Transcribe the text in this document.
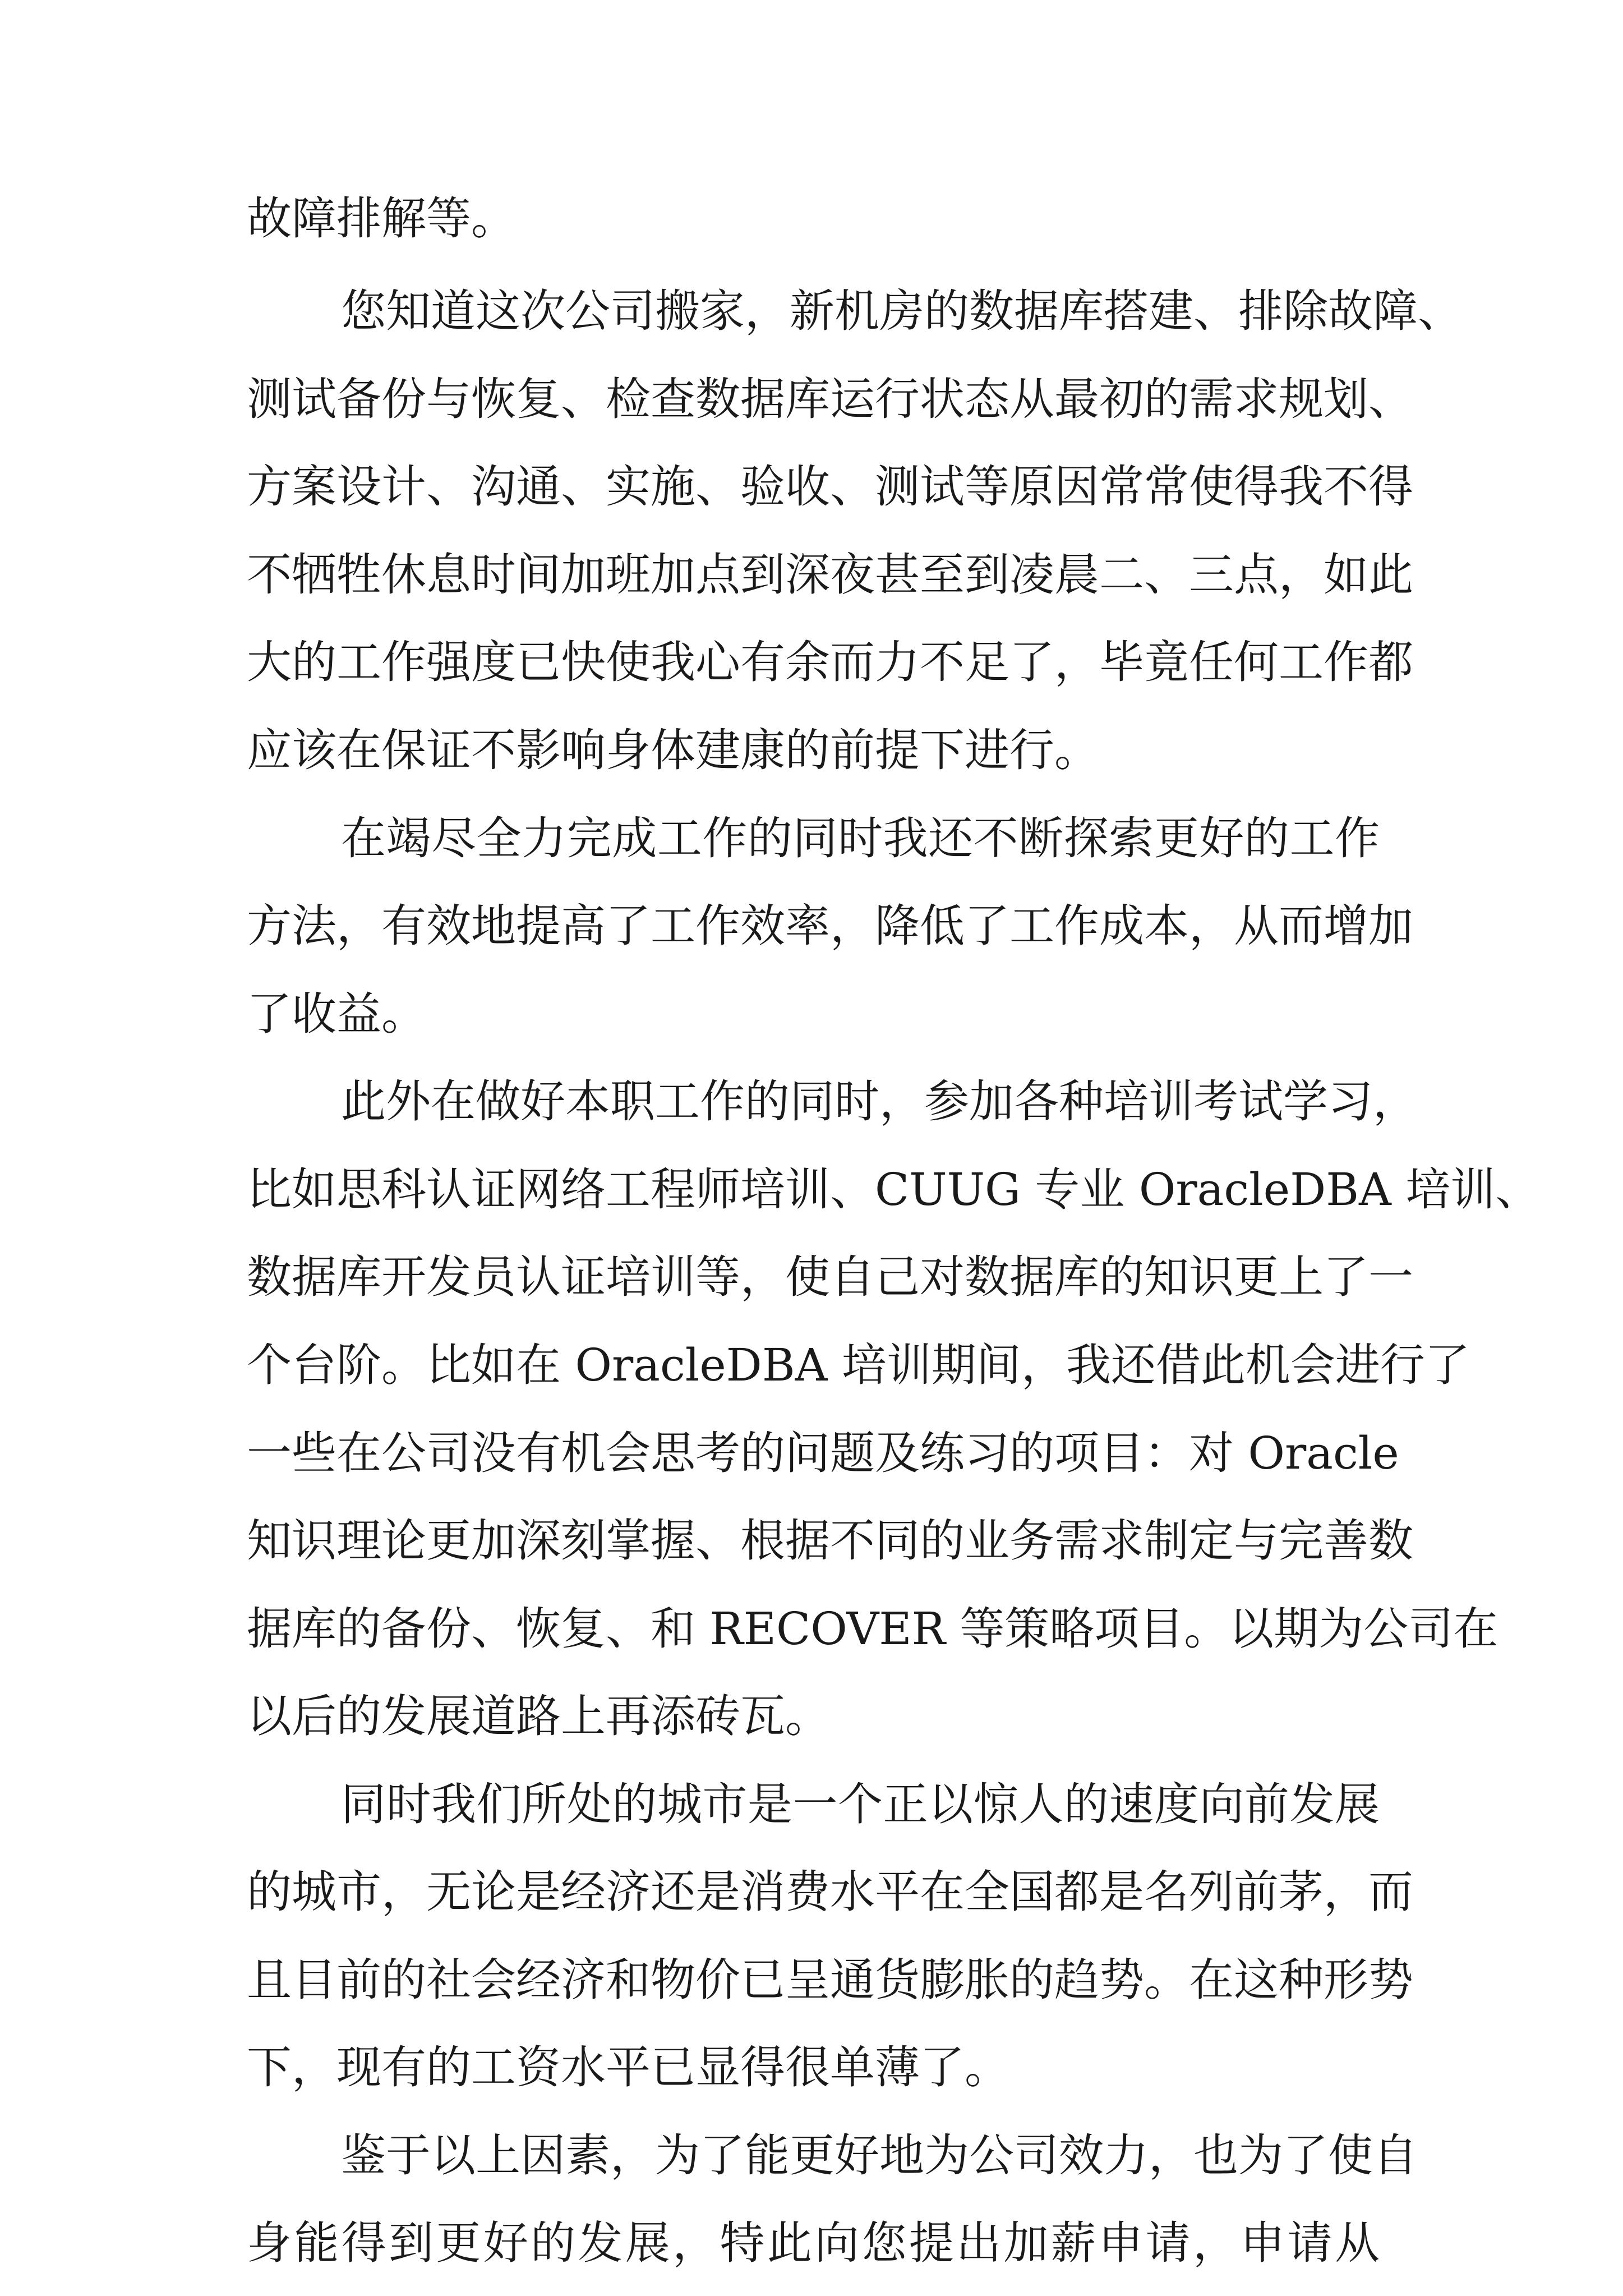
故障排解等。
您知道这次公司搬家，新机房的数据库搭建、排除故障、
测试备份与恢复、检查数据库运行状态从最初的需求规划、
方案设计、沟通、实施、验收、测试等原因常常使得我不得
不牺牲休息时间加班加点到深夜甚至到凌晨二、三点，如此
大的工作强度已快使我心有余而力不足了，毕竟任何工作都
应该在保证不影响身体建康的前提下进行。
在竭尽全力完成工作的同时我还不断探索更好的工作
方法，有效地提高了工作效率，降低了工作成本，从而增加
了收益。
此外在做好本职工作的同时，参加各种培训考试学习，
比如思科认证网络工程师培训、CUUG 专业 OracleDBA 培训、
数据库开发员认证培训等，使自己对数据库的知识更上了一
个台阶。比如在 OracleDBA 培训期间，我还借此机会进行了
一些在公司没有机会思考的问题及练习的项目：对 Oracle
知识理论更加深刻掌握、根据不同的业务需求制定与完善数
据库的备份、恢复、和 RECOVER 等策略项目。以期为公司在
以后的发展道路上再添砖瓦。
同时我们所处的城市是一个正以惊人的速度向前发展
的城市，无论是经济还是消费水平在全国都是名列前茅，而
且目前的社会经济和物价已呈通货膨胀的趋势。在这种形势
下，现有的工资水平已显得很单薄了。
鉴于以上因素，为了能更好地为公司效力，也为了使自
身能得到更好的发展，特此向您提出加薪申请，申请从
